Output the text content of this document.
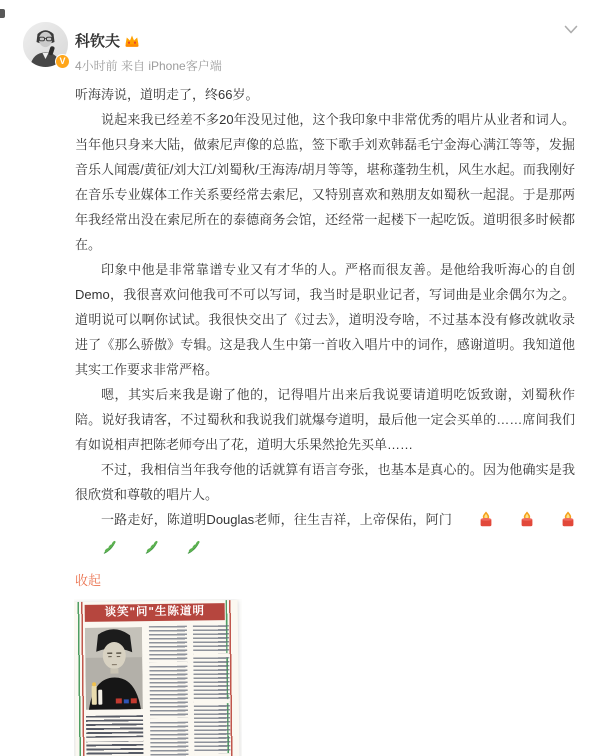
V
科钦夫
4小时前 来自 iPhone客户端

听海涛说，道明走了，终66岁。

说起来我已经差不多20年没见过他，这个我印象中非常优秀的唱片从业者和词人。当年他只身来大陆，做索尼声像的总监，签下歌手刘欢韩磊毛宁金海心满江等等，发掘音乐人闻震/黄征/刘大江/刘蜀秋/王海涛/胡月等等，堪称蓬勃生机，风生水起。而我刚好在音乐专业媒体工作关系要经常去索尼，又特别喜欢和熟朋友如蜀秋一起混。于是那两年我经常出没在索尼所在的泰德商务会馆，还经常一起楼下一起吃饭。道明很多时候都在。

印象中他是非常靠谱专业又有才华的人。严格而很友善。是他给我听海心的自创Demo，我很喜欢问他我可不可以写词，我当时是职业记者，写词曲是业余偶尔为之。道明说可以啊你试试。我很快交出了《过去》，道明没夸啥，不过基本没有修改就收录进了《那么骄傲》专辑。这是我人生中第一首收入唱片中的词作，感谢道明。我知道他其实工作要求非常严格。

嗯，其实后来我是谢了他的，记得唱片出来后我说要请道明吃饭致谢，刘蜀秋作陪。说好我请客，不过蜀秋和我说我们就爆夸道明，最后他一定会买单的……席间我们有如说相声把陈老师夸出了花，道明大乐果然抢先买单……

不过，我相信当年我夸他的话就算有语言夸张，也基本是真心的。因为他确实是我很欣赏和尊敬的唱片人。

一路走好，陈道明Douglas老师，往生吉祥，上帝保佑，阿门

收起
谈笑"问"生陈道明
